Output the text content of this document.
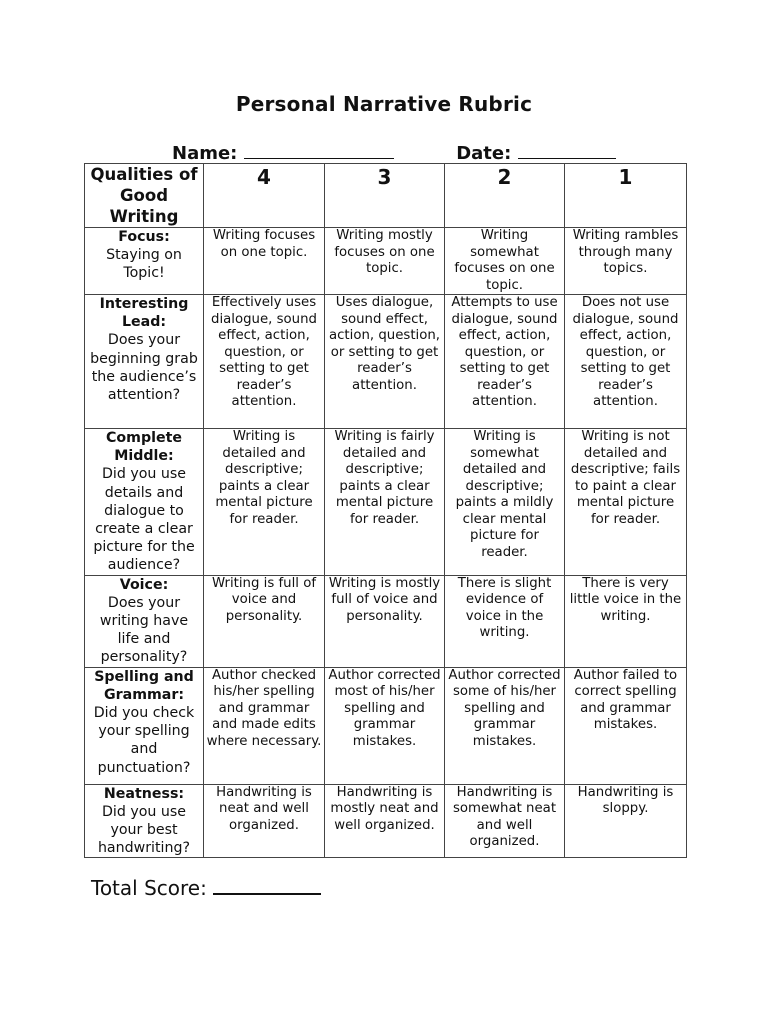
Personal Narrative Rubric
Name:	Date:
Qualities of Good Writing	4	3	2	1

Focus:
Staying on Topic!	Writing focuses on one topic.	Writing mostly focuses on one topic.	Writing somewhat focuses on one topic.	Writing rambles through many topics.

Interesting Lead:
Does your beginning grab the audience’s attention?	Effectively uses dialogue, sound effect, action, question, or setting to get reader’s attention.	Uses dialogue, sound effect, action, question, or setting to get reader’s attention.	Attempts to use dialogue, sound effect, action, question, or setting to get reader’s attention.	Does not use dialogue, sound effect, action, question, or setting to get reader’s attention.

Complete Middle:
Did you use details and dialogue to create a clear picture for the audience?	Writing is detailed and descriptive; paints a clear mental picture for reader.	Writing is fairly detailed and descriptive; paints a clear mental picture for reader.	Writing is somewhat detailed and descriptive; paints a mildly clear mental picture for reader.	Writing is not detailed and descriptive; fails to paint a clear mental picture for reader.

Voice:
Does your writing have life and personality?	Writing is full of voice and personality.	Writing is mostly full of voice and personality.	There is slight evidence of voice in the writing.	There is very little voice in the writing.

Spelling and Grammar:
Did you check your spelling and punctuation?	Author checked his/her spelling and grammar and made edits where necessary.	Author corrected most of his/her spelling and grammar mistakes.	Author corrected some of his/her spelling and grammar mistakes.	Author failed to correct spelling and grammar mistakes.

Neatness:
Did you use your best handwriting?	Handwriting is neat and well organized.	Handwriting is mostly neat and well organized.	Handwriting is somewhat neat and well organized.	Handwriting is sloppy.
Total Score:
